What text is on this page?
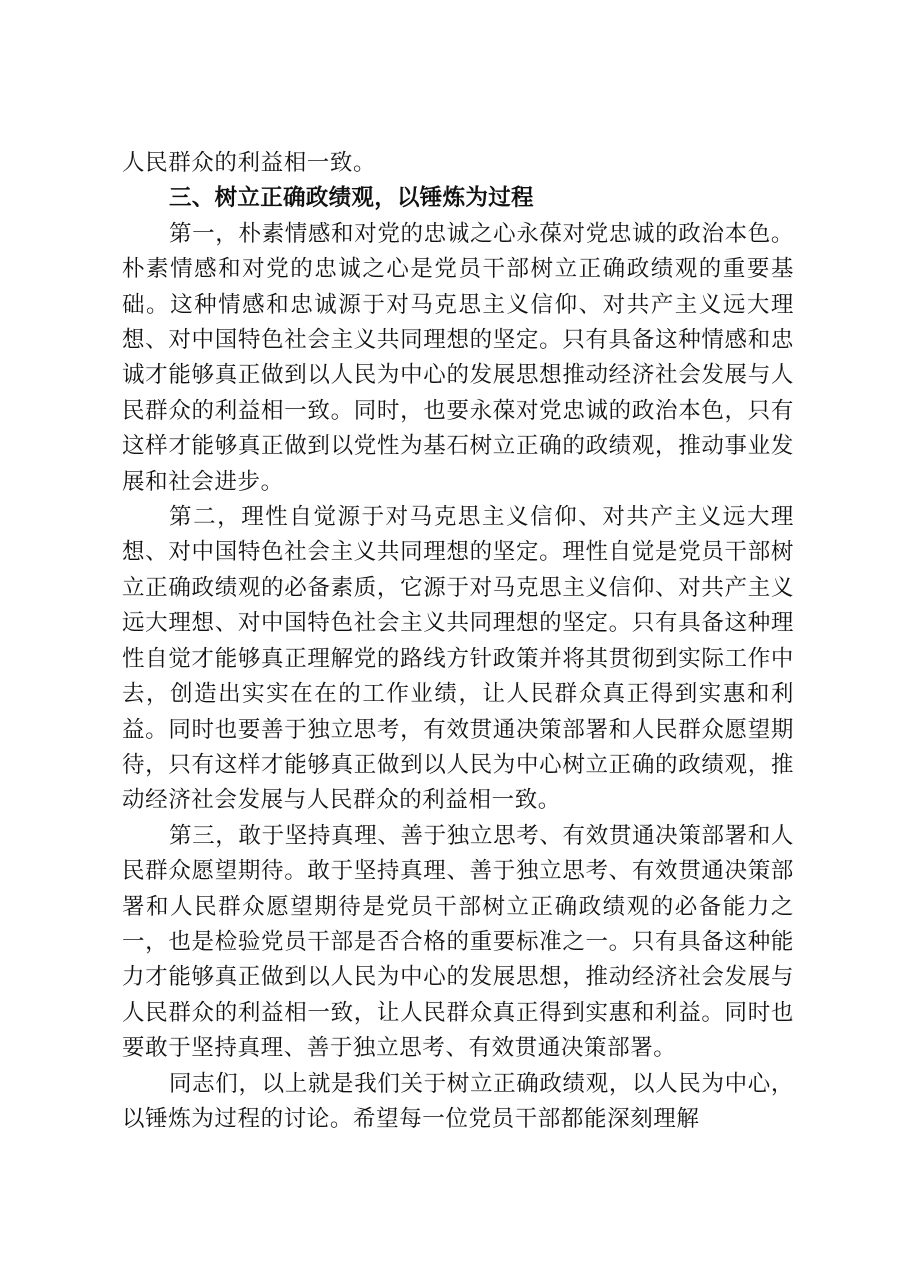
人民群众的利益相一致。

三、树立正确政绩观，以锤炼为过程

第一，朴素情感和对党的忠诚之心永葆对党忠诚的政治本色。朴素情感和对党的忠诚之心是党员干部树立正确政绩观的重要基础。这种情感和忠诚源于对马克思主义信仰、对共产主义远大理想、对中国特色社会主义共同理想的坚定。只有具备这种情感和忠诚才能够真正做到以人民为中心的发展思想推动经济社会发展与人民群众的利益相一致。同时，也要永葆对党忠诚的政治本色，只有这样才能够真正做到以党性为基石树立正确的政绩观，推动事业发展和社会进步。

第二，理性自觉源于对马克思主义信仰、对共产主义远大理想、对中国特色社会主义共同理想的坚定。理性自觉是党员干部树立正确政绩观的必备素质，它源于对马克思主义信仰、对共产主义远大理想、对中国特色社会主义共同理想的坚定。只有具备这种理性自觉才能够真正理解党的路线方针政策并将其贯彻到实际工作中去，创造出实实在在的工作业绩，让人民群众真正得到实惠和利益。同时也要善于独立思考，有效贯通决策部署和人民群众愿望期待，只有这样才能够真正做到以人民为中心树立正确的政绩观，推动经济社会发展与人民群众的利益相一致。

第三，敢于坚持真理、善于独立思考、有效贯通决策部署和人民群众愿望期待。敢于坚持真理、善于独立思考、有效贯通决策部署和人民群众愿望期待是党员干部树立正确政绩观的必备能力之一，也是检验党员干部是否合格的重要标准之一。只有具备这种能力才能够真正做到以人民为中心的发展思想，推动经济社会发展与人民群众的利益相一致，让人民群众真正得到实惠和利益。同时也要敢于坚持真理、善于独立思考、有效贯通决策部署。

同志们，以上就是我们关于树立正确政绩观，以人民为中心，以锤炼为过程的讨论。希望每一位党员干部都能深刻理解
